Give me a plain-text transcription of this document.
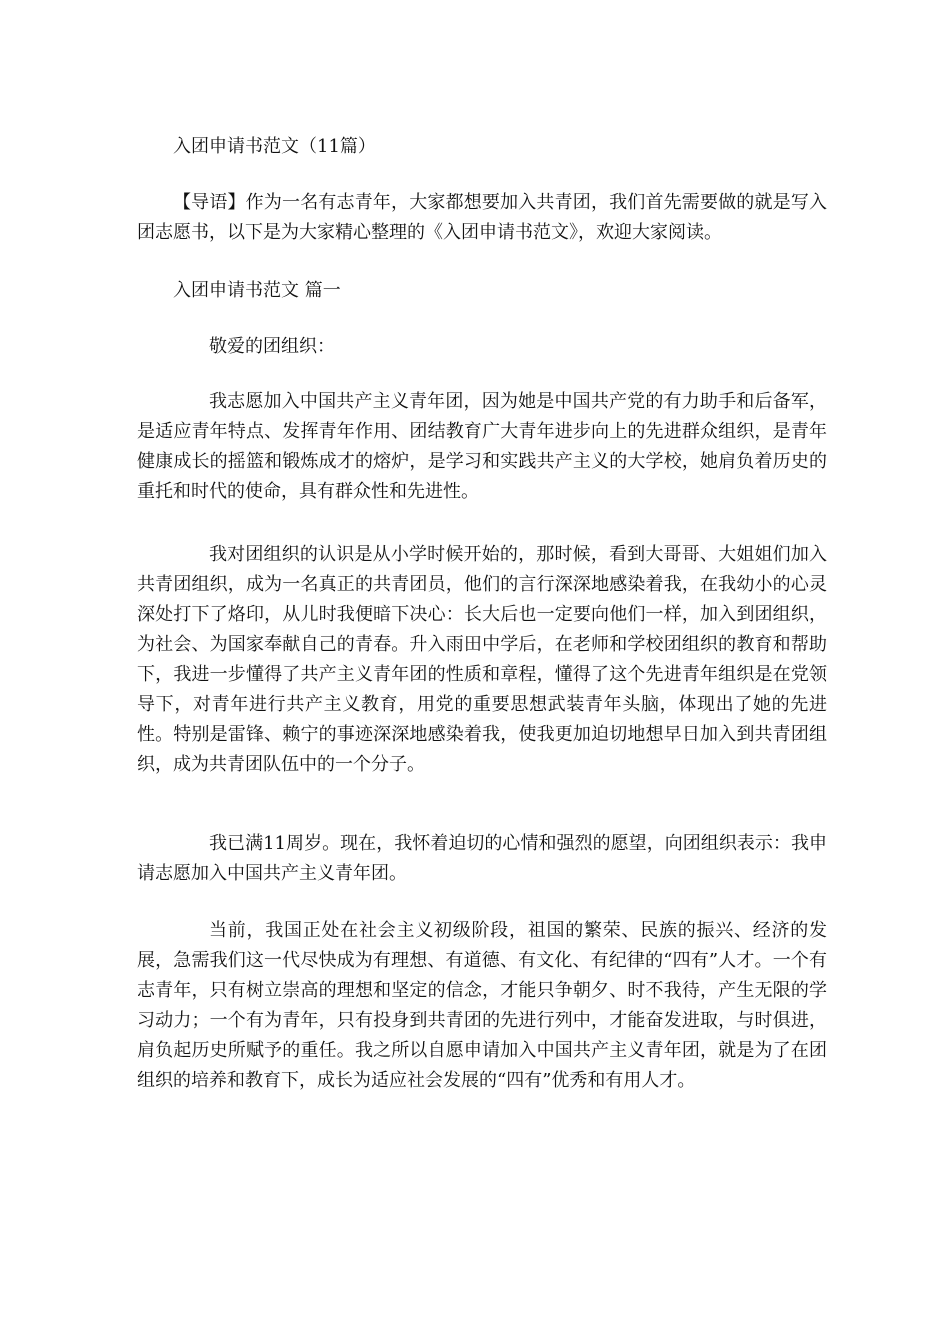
入团申请书范文（11篇）

【导语】作为一名有志青年，大家都想要加入共青团，我们首先需要做的就是写入团志愿书，以下是为大家精心整理的《入团申请书范文》，欢迎大家阅读。

入团申请书范文 篇一

敬爱的团组织：

我志愿加入中国共产主义青年团，因为她是中国共产党的有力助手和后备军，是适应青年特点、发挥青年作用、团结教育广大青年进步向上的先进群众组织，是青年健康成长的摇篮和锻炼成才的熔炉，是学习和实践共产主义的大学校，她肩负着历史的重托和时代的使命，具有群众性和先进性。

我对团组织的认识是从小学时候开始的，那时候，看到大哥哥、大姐姐们加入共青团组织，成为一名真正的共青团员，他们的言行深深地感染着我，在我幼小的心灵深处打下了烙印，从儿时我便暗下决心：长大后也一定要向他们一样，加入到团组织，为社会、为国家奉献自己的青春。升入雨田中学后，在老师和学校团组织的教育和帮助下，我进一步懂得了共产主义青年团的性质和章程，懂得了这个先进青年组织是在党领导下，对青年进行共产主义教育，用党的重要思想武装青年头脑，体现出了她的先进性。特别是雷锋、赖宁的事迹深深地感染着我，使我更加迫切地想早日加入到共青团组织，成为共青团队伍中的一个分子。

我已满11周岁。现在，我怀着迫切的心情和强烈的愿望，向团组织表示：我申请志愿加入中国共产主义青年团。

当前，我国正处在社会主义初级阶段，祖国的繁荣、民族的振兴、经济的发展，急需我们这一代尽快成为有理想、有道德、有文化、有纪律的“四有”人才。一个有志青年，只有树立崇高的理想和坚定的信念，才能只争朝夕、时不我待，产生无限的学习动力；一个有为青年，只有投身到共青团的先进行列中，才能奋发进取，与时俱进，肩负起历史所赋予的重任。我之所以自愿申请加入中国共产主义青年团，就是为了在团组织的培养和教育下，成长为适应社会发展的“四有”优秀和有用人才。
